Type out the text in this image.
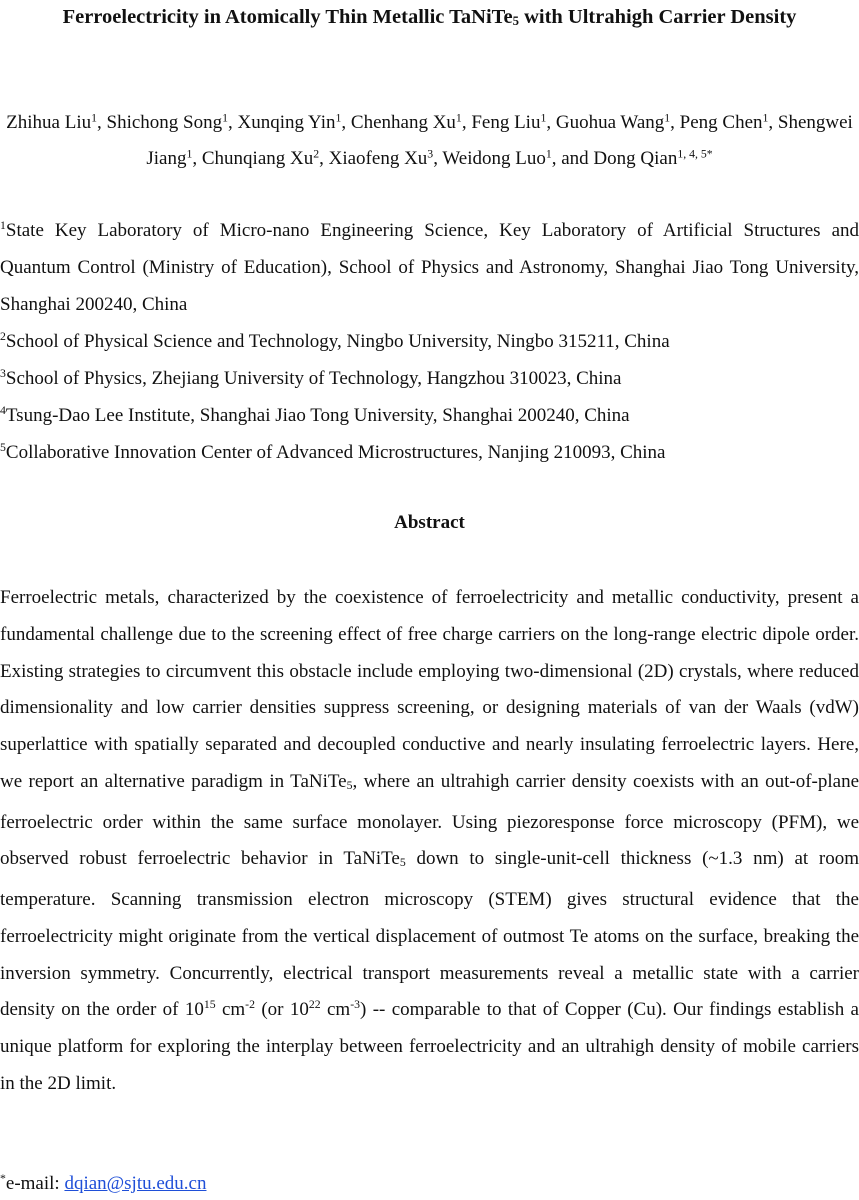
Ferroelectricity in Atomically Thin Metallic TaNiTe$_5$ with Ultrahigh Carrier Density
Zhihua Liu$^1$, Shichong Song$^1$, Xunqing Yin$^1$, Chenhang Xu$^1$, Feng Liu$^1$, Guohua Wang$^1$, Peng Chen$^1$, Shengwei Jiang$^1$, Chunqiang Xu$^2$, Xiaofeng Xu$^3$, Weidong Luo$^1$, and Dong Qian$^{1, 4, 5*}$
$^1$State Key Laboratory of Micro-nano Engineering Science, Key Laboratory of Artificial Structures and Quantum Control (Ministry of Education), School of Physics and Astronomy, Shanghai Jiao Tong University, Shanghai 200240, China
$^2$School of Physical Science and Technology, Ningbo University, Ningbo 315211, China
$^3$School of Physics, Zhejiang University of Technology, Hangzhou 310023, China
$^4$Tsung-Dao Lee Institute, Shanghai Jiao Tong University, Shanghai 200240, China
$^5$Collaborative Innovation Center of Advanced Microstructures, Nanjing 210093, China
Abstract

Ferroelectric metals, characterized by the coexistence of ferroelectricity and metallic conductivity, present a fundamental challenge due to the screening effect of free charge carriers on the long-range electric dipole order. Existing strategies to circumvent this obstacle include employing two-dimensional (2D) crystals, where reduced dimensionality and low carrier densities suppress screening, or designing materials of van der Waals (vdW) superlattice with spatially separated and decoupled conductive and nearly insulating ferroelectric layers. Here, we report an alternative paradigm in TaNiTe$_5$, where an ultrahigh carrier density coexists with an out-of-plane ferroelectric order within the same surface monolayer. Using piezoresponse force microscopy (PFM), we observed robust ferroelectric behavior in TaNiTe$_5$ down to single-unit-cell thickness (~1.3 nm) at room temperature. Scanning transmission electron microscopy (STEM) gives structural evidence that the ferroelectricity might originate from the vertical displacement of outmost Te atoms on the surface, breaking the inversion symmetry. Concurrently, electrical transport measurements reveal a metallic state with a carrier density on the order of $10^{15}$ $cm^{-2}$ (or $10^{22}$ $cm^{-3}$) -- comparable to that of Copper (Cu). Our findings establish a unique platform for exploring the interplay between ferroelectricity and an ultrahigh density of mobile carriers in the 2D limit.

*e-mail: dqian@sjtu.edu.cn
